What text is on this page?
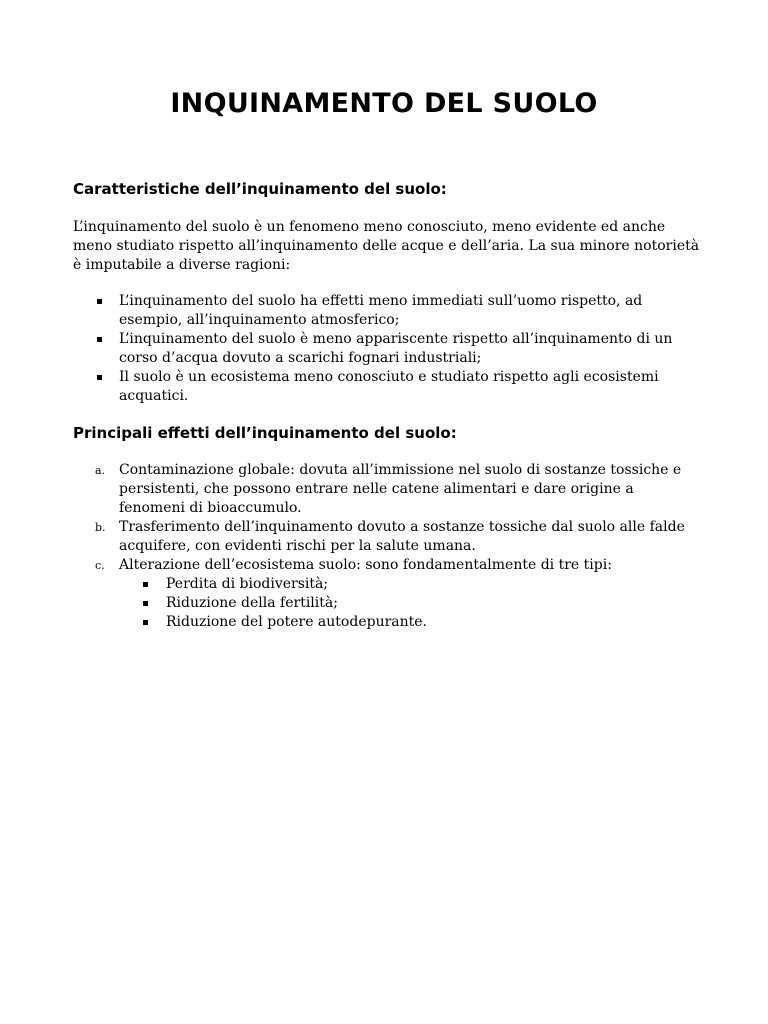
INQUINAMENTO DEL SUOLO
Caratteristiche dell’inquinamento del suolo:

L’inquinamento del suolo è un fenomeno meno conosciuto, meno evidente ed anche meno studiato rispetto all’inquinamento delle acque e dell’aria. La sua minore notorietà è imputabile a diverse ragioni:

L’inquinamento del suolo ha effetti meno immediati sull’uomo rispetto, ad esempio, all’inquinamento atmosferico;
L’inquinamento del suolo è meno appariscente rispetto all’inquinamento di un corso d’acqua dovuto a scarichi fognari industriali;
Il suolo è un ecosistema meno conosciuto e studiato rispetto agli ecosistemi acquatici.
Principali effetti dell’inquinamento del suolo:
a. Contaminazione globale: dovuta all’immissione nel suolo di sostanze tossiche e persistenti, che possono entrare nelle catene alimentari e dare origine a fenomeni di bioaccumulo.
b. Trasferimento dell’inquinamento dovuto a sostanze tossiche dal suolo alle falde acquifere, con evidenti rischi per la salute umana.
c.	Alterazione dell’ecosistema suolo: sono fondamentalmente di tre tipi:
Perdita di biodiversità;
Riduzione della fertilità;
Riduzione del potere autodepurante.
